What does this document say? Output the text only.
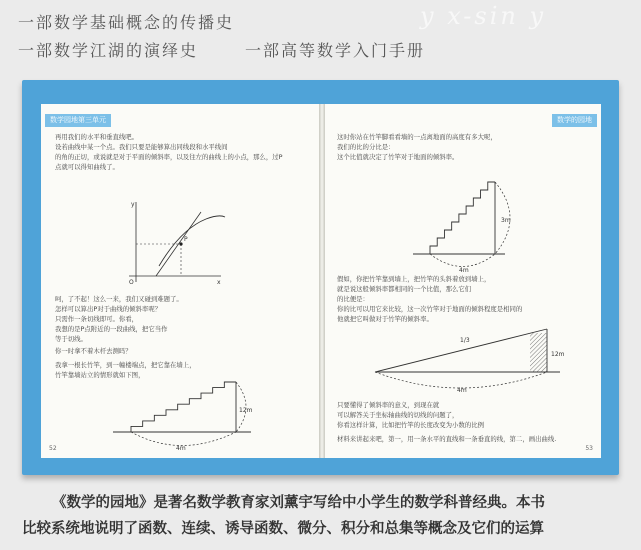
一部数学基础概念的传播史
一部数学江湖的演绎史	一部高等数学入门手册
y x-sin y
数学园地第三单元
再用我们的水平和垂直线吧。
设若曲线中某一个点。我们只要是能够算出同线段和水平线间
的角的正切，或说就是对于平面的倾斜率，以及往左的曲线上的小点，那么，过P
点就可以得知曲线了。
y
x
O
P
12m
4m
呵，了不起！这么一来，我们又碰到难题了。
怎样可以算出P对于曲线的倾斜率呢？
只需作一条切线即可。你看，
我想的是P点附近的一段曲线，把它当作
等于切线。
你一时拿不着木杆去测吗？
我拿一根长竹竿，到一幢楼端点，把它靠在墙上，
竹竿靠墙站立的情形就如下图，
52
数学的园地
这时你站在竹竿脚看看墙的一点离地面的高度有多大呢，
我们的比的分比是：
这个比值就决定了竹竿对于地面的倾斜率。
3m
4m
12m
4m
1/3
假如，你把竹竿靠到墙上，把竹竿的头斜着放到墙上，
就是说这般倾斜率都相同的一个比值，那么它们
的比便是：
你的比可以用它来比较，这一次竹竿对于地面的倾斜程度是相同的
他就把它叫做对于竹竿的倾斜率。
只要懂得了倾斜率的意义，到现在就
可以解答关于坐标轴曲线的切线的问题了，
你看这样计算，比如把竹竿的长度改变为小数的比例
材料来讲起来吧，第一，用一条水平的直线和一条垂直的线，第二，画出曲线.
53
《数学的园地》是著名数学教育家刘薰宇写给中小学生的数学科普经典。本书
比较系统地说明了函数、连续、诱导函数、微分、积分和总集等概念及它们的运算
